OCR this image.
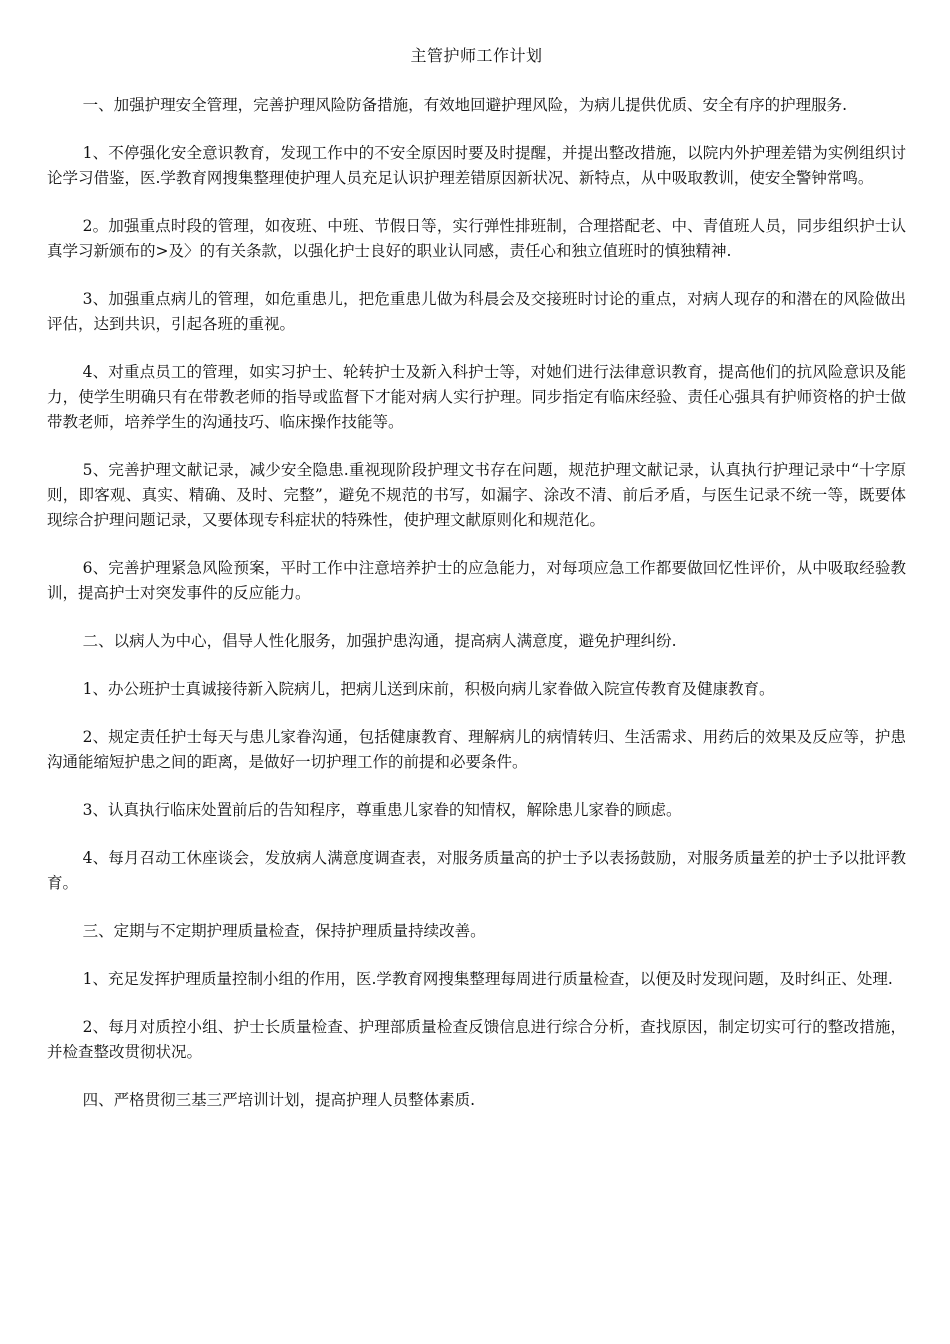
主管护师工作计划

一、加强护理安全管理，完善护理风险防备措施，有效地回避护理风险，为病儿提供优质、安全有序的护理服务.

1、不停强化安全意识教育，发现工作中的不安全原因时要及时提醒，并提出整改措施，以院内外护理差错为实例组织讨论学习借鉴，医.学教育网搜集整理使护理人员充足认识护理差错原因新状况、新特点，从中吸取教训，使安全警钟常鸣。

2。加强重点时段的管理，如夜班、中班、节假日等，实行弹性排班制，合理搭配老、中、青值班人员，同步组织护士认真学习新颁布的>及〉的有关条款，以强化护士良好的职业认同感，责任心和独立值班时的慎独精神.

3、加强重点病儿的管理，如危重患儿，把危重患儿做为科晨会及交接班时讨论的重点，对病人现存的和潜在的风险做出评估，达到共识，引起各班的重视。

4、对重点员工的管理，如实习护士、轮转护士及新入科护士等，对她们进行法律意识教育，提高他们的抗风险意识及能力，使学生明确只有在带教老师的指导或监督下才能对病人实行护理。同步指定有临床经验、责任心强具有护师资格的护士做带教老师，培养学生的沟通技巧、临床操作技能等。

5、完善护理文献记录，减少安全隐患.重视现阶段护理文书存在问题，规范护理文献记录，认真执行护理记录中“十字原则，即客观、真实、精确、及时、完整”，避免不规范的书写，如漏字、涂改不清、前后矛盾，与医生记录不统一等，既要体现综合护理问题记录，又要体现专科症状的特殊性，使护理文献原则化和规范化。

6、完善护理紧急风险预案，平时工作中注意培养护士的应急能力，对每项应急工作都要做回忆性评价，从中吸取经验教训，提高护士对突发事件的反应能力。

二、以病人为中心，倡导人性化服务，加强护患沟通，提高病人满意度，避免护理纠纷.

1、办公班护士真诚接待新入院病儿，把病儿送到床前，积极向病儿家眷做入院宣传教育及健康教育。

2、规定责任护士每天与患儿家眷沟通，包括健康教育、理解病儿的病情转归、生活需求、用药后的效果及反应等，护患沟通能缩短护患之间的距离，是做好一切护理工作的前提和必要条件。

3、认真执行临床处置前后的告知程序，尊重患儿家眷的知情权，解除患儿家眷的顾虑。

4、每月召动工休座谈会，发放病人满意度调查表，对服务质量高的护士予以表扬鼓励，对服务质量差的护士予以批评教育。

三、定期与不定期护理质量检查，保持护理质量持续改善。

1、充足发挥护理质量控制小组的作用，医.学教育网搜集整理每周进行质量检查，以便及时发现问题，及时纠正、处理.

2、每月对质控小组、护士长质量检查、护理部质量检查反馈信息进行综合分析，查找原因，制定切实可行的整改措施，并检查整改贯彻状况。

四、严格贯彻三基三严培训计划，提高护理人员整体素质.
